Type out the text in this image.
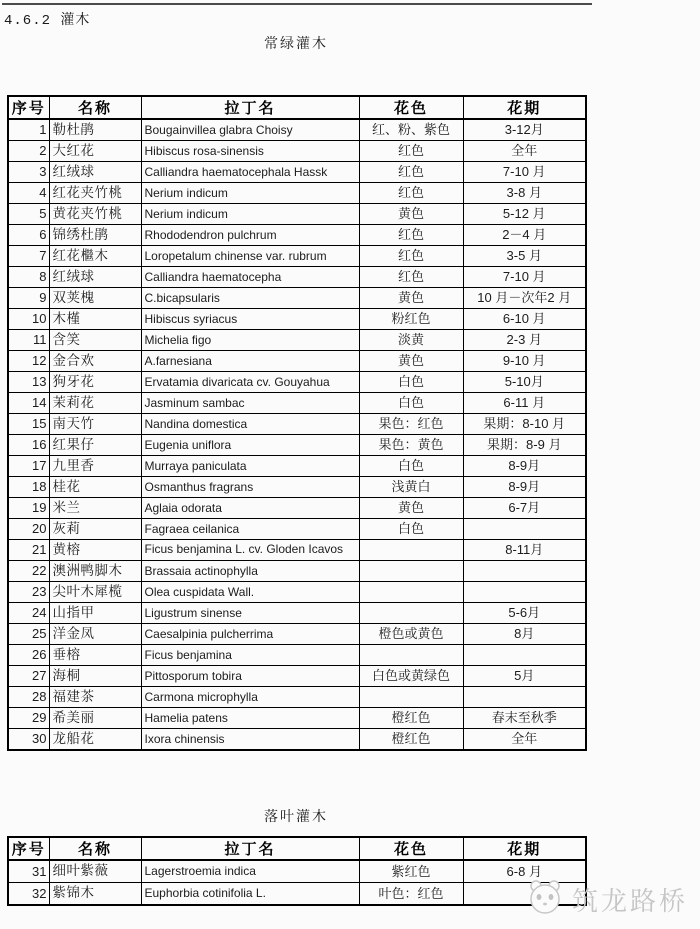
4.6.2 灌木
常绿灌木
序号	名称	拉丁名	花色	花期
1	勒杜鹃	Bougainvillea glabra Choisy	红、粉、紫色	3-12月
2	大红花	Hibiscus rosa-sinensis	红色	全年
3	红绒球	Calliandra haematocephala Hassk	红色	7-10 月
4	红花夹竹桃	Nerium indicum	红色	3-8 月
5	黄花夹竹桃	Nerium indicum	黄色	5-12 月
6	锦绣杜鹃	Rhododendron pulchrum	红色	2－4 月
7	红花檵木	Loropetalum chinense var. rubrum	红色	3-5 月
8	红绒球	Calliandra haematocepha	红色	7-10 月
9	双荚槐	C.bicapsularis	黄色	10 月－次年2 月
10	木槿	Hibiscus syriacus	粉红色	6-10 月
11	含笑	Michelia figo	淡黄	2-3 月
12	金合欢	A.farnesiana	黄色	9-10 月
13	狗牙花	Ervatamia divaricata cv. Gouyahua	白色	5-10月
14	茉莉花	Jasminum sambac	白色	6-11 月
15	南天竹	Nandina domestica	果色：红色	果期：8-10 月
16	红果仔	Eugenia uniflora	果色：黄色	果期：8-9 月
17	九里香	Murraya paniculata	白色	8-9月
18	桂花	Osmanthus fragrans	浅黄白	8-9月
19	米兰	Aglaia odorata	黄色	6-7月
20	灰莉	Fagraea ceilanica	白色	
21	黄榕	Ficus benjamina L. cv. Gloden Icavos		8-11月
22	澳洲鸭脚木	Brassaia actinophylla		
23	尖叶木犀榄	Olea cuspidata Wall.		
24	山指甲	Ligustrum sinense		5-6月
25	洋金凤	Caesalpinia pulcherrima	橙色或黄色	8月
26	垂榕	Ficus benjamina		
27	海桐	Pittosporum tobira	白色或黄绿色	5月
28	福建茶	Carmona microphylla		
29	希美丽	Hamelia patens	橙红色	春末至秋季
30	龙船花	Ixora chinensis	橙红色	全年
落叶灌木
序号	名称	拉丁名	花色	花期
31	细叶紫薇	Lagerstroemia indica	紫红色	6-8 月
32	紫锦木	Euphorbia cotinifolia L.	叶色：红色		筑龙路桥
